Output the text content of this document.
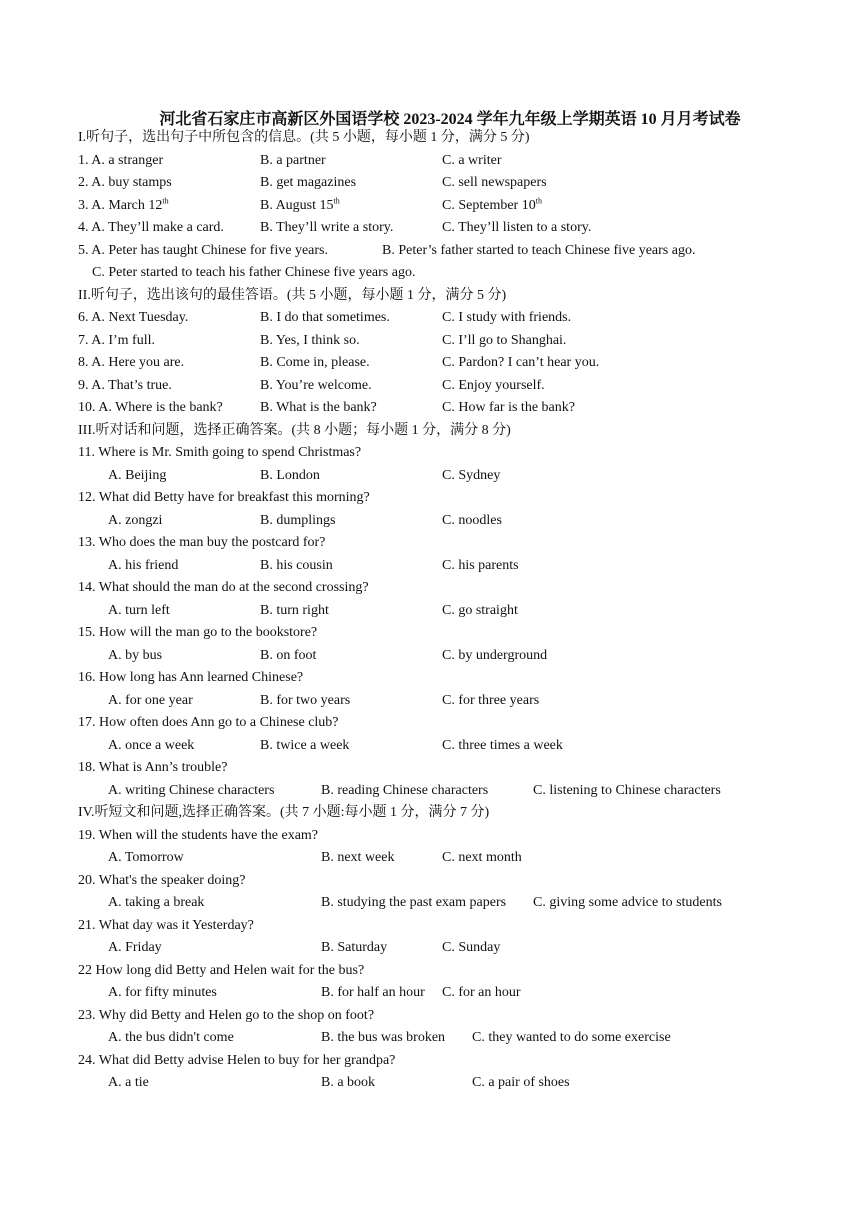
河北省石家庄市高新区外国语学校 2023-2024 学年九年级上学期英语 10 月月考试卷
I.听句子，选出句子中所包含的信息。(共 5 小题，每小题 1 分，满分 5 分)
1. A. a stranger	B. a partner	C. a writer
2. A. buy stamps	B. get magazines	C. sell newspapers
3. A. March 12th	B. August 15th	C. September 10th
4. A. They’ll make a card.	B. They’ll write a story.	C. They’ll listen to a story.
5. A. Peter has taught Chinese for five years.	B. Peter’s father started to teach Chinese five years ago.
C. Peter started to teach his father Chinese five years ago.
II.听句子，选出该句的最佳答语。(共 5 小题，每小题 1 分，满分 5 分)
6. A. Next Tuesday.	B. I do that sometimes.	C. I study with friends.
7. A. I’m full.	B. Yes, I think so.	C. I’ll go to Shanghai.
8. A. Here you are.	B. Come in, please.	C. Pardon? I can’t hear you.
9. A. That’s true.	B. You’re welcome.	C. Enjoy yourself.
10. A. Where is the bank?	B. What is the bank?	C. How far is the bank?
III.听对话和问题，选择正确答案。(共 8 小题；每小题 1 分，满分 8 分)
11. Where is Mr. Smith going to spend Christmas?
A. Beijing	B. London	C. Sydney
12. What did Betty have for breakfast this morning?
A. zongzi	B. dumplings	C. noodles
13. Who does the man buy the postcard for?
A. his friend	B. his cousin	C. his parents
14. What should the man do at the second crossing?
A. turn left	B. turn right	C. go straight
15. How will the man go to the bookstore?
A. by bus	B. on foot	C. by underground
16. How long has Ann learned Chinese?
A. for one year	B. for two years	C. for three years
17. How often does Ann go to a Chinese club?
A. once a week	B. twice a week	C. three times a week
18. What is Ann’s trouble?
A. writing Chinese characters	B. reading Chinese characters	C. listening to Chinese characters
IV.听短文和问题,选择正确答案。(共 7 小题:每小题 1 分，满分 7 分)
19. When will the students have the exam?
A. Tomorrow	B. next week	C. next month
20. What's the speaker doing?
A. taking a break	B. studying the past exam papers C. giving some advice to students
21. What day was it Yesterday?
A. Friday	B. Saturday	C. Sunday
22 How long did Betty and Helen wait for the bus?
A. for fifty minutes	B. for half an hour C. for an hour
23. Why did Betty and Helen go to the shop on foot?
A. the bus didn't come	B. the bus was broken C. they wanted to do some exercise
24. What did Betty advise Helen to buy for her grandpa?
A. a tie	B. a book	C. a pair of shoes
